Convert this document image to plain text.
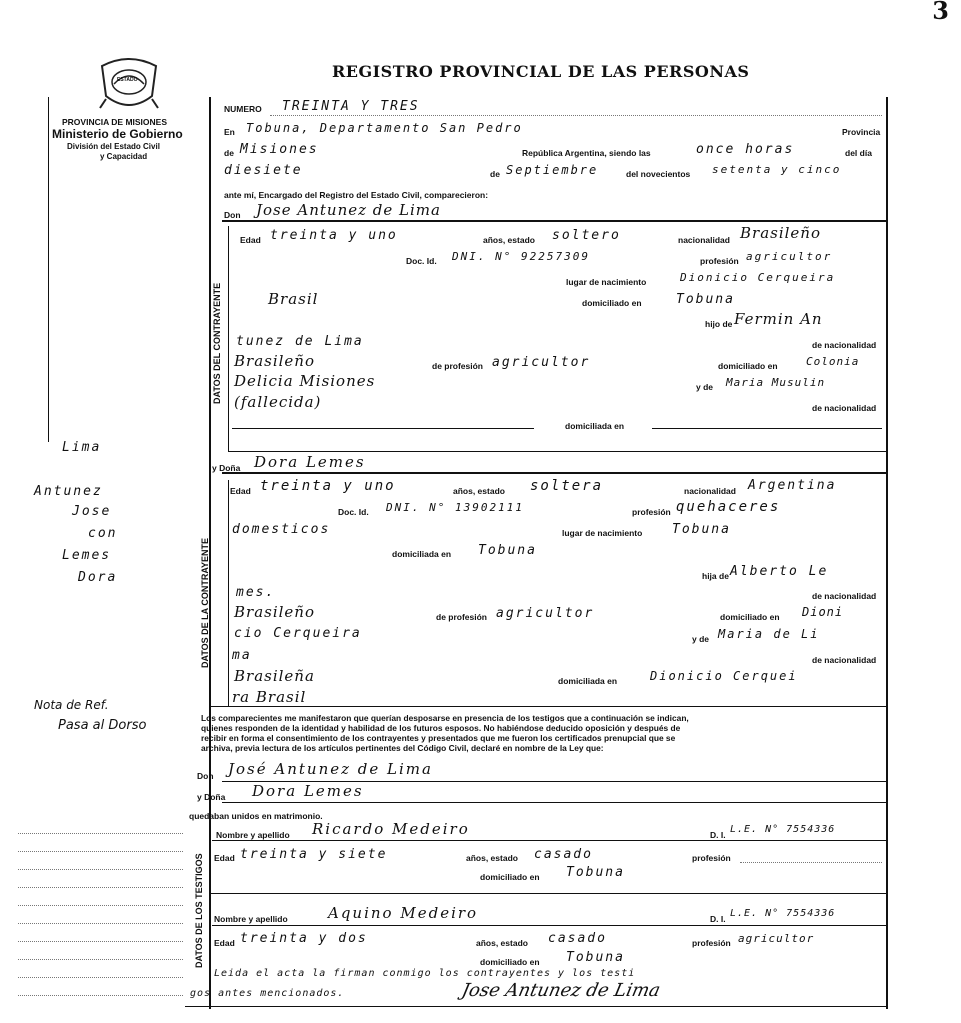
3
ESTADO	REGISTRO PROVINCIAL DE LAS PERSONAS
PROVINCIA DE MISIONES
Ministerio de Gobierno
División del Estado Civil
y Capacidad
Lima
Antunez
Jose
con
Lemes
Dora
Nota de Ref.
Pasa al Dorso
NUMERO TREINTA Y TRES
En Tobuna, Departamento San Pedro	Provincia
de Misiones	República Argentina, siendo las	once horas	del día
diesiete	de Septiembre	del novecientos setenta y cinco
ante mí, Encargado del Registro del Estado Civil, comparecieron:
Don Jose Antunez de Lima
DATOS DEL CONTRAYENTE
Edad treinta y uno	años, estado soltero	nacionalidad Brasileño
Doc. Id. DNI. N° 92257309	profesión agricultor
lugar de nacimiento	Dionicio Cerqueira
Brasil	domiciliado en	Tobuna
hijo de Fermin An
tunez de Lima	de nacionalidad
Brasileño	de profesión agricultor	domiciliado en	Colonia
Delicia Misiones	y de Maria Musulin
(fallecida)	de nacionalidad
domiciliada en
y Doña Dora Lemes
DATOS DE LA CONTRAYENTE
Edad treinta y uno	años, estado soltera	nacionalidad Argentina
Doc. Id. DNI. N° 13902111	profesión quehaceres
domesticos	lugar de nacimiento Tobuna
domiciliada en Tobuna
hija de Alberto Le
mes.	de nacionalidad
Brasileño	de profesión agricultor	domiciliado en Dioni
cio Cerqueira	y de Maria de Li
ma	de nacionalidad
Brasileña	domiciliada en	Dionicio Cerquei
ra Brasil
Los comparecientes me manifestaron que querían desposarse en presencia de los testigos que a continuación se indican,
quienes responden de la identidad y habilidad de los futuros esposos. No habiéndose deducido oposición y después de
recibir en forma el consentimiento de los contrayentes y presentados que me fueron los certificados prenupcial que se
archiva, previa lectura de los artículos pertinentes del Código Civil, declaré en nombre de la Ley que:
Don José Antunez de Lima
y Doña Dora Lemes
quedaban unidos en matrimonio.
DATOS DE LOS TESTIGOS
Nombre y apellido Ricardo Medeiro	D. I. L.E. N° 7554336
Edad treinta y siete	años, estado casado	profesión
domiciliado en Tobuna
Nombre y apellido	Aquino Medeiro	D. I. L.E. N° 7554336
Edad treinta y dos	años, estado casado	profesión agricultor
domiciliado en Tobuna
Leida el acta la firman conmigo los contrayentes y los testi
gos antes mencionados.	Jose Antunez de Lima
